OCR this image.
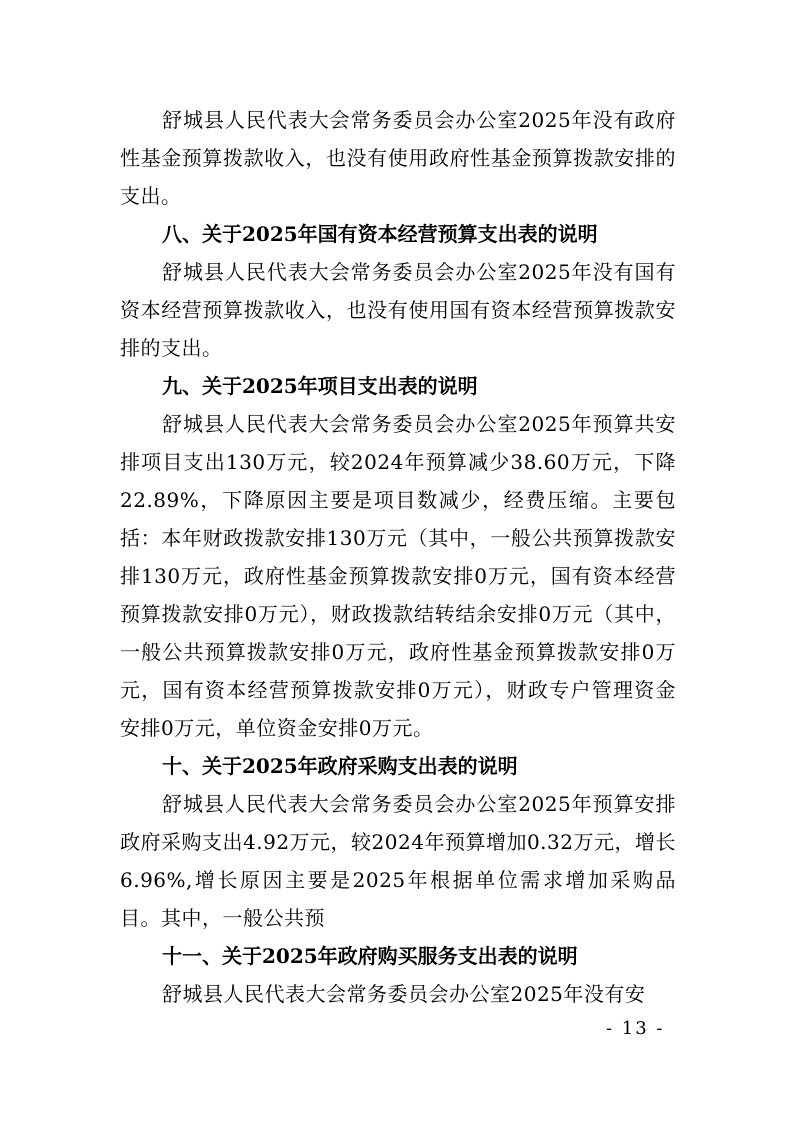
舒城县人民代表大会常务委员会办公室2025年没有政府性基金预算拨款收入，也没有使用政府性基金预算拨款安排的支出。

八、关于2025年国有资本经营预算支出表的说明

舒城县人民代表大会常务委员会办公室2025年没有国有资本经营预算拨款收入，也没有使用国有资本经营预算拨款安排的支出。

九、关于2025年项目支出表的说明

舒城县人民代表大会常务委员会办公室2025年预算共安排项目支出130万元，较2024年预算减少38.60万元，下降22.89%，下降原因主要是项目数减少，经费压缩。主要包括：本年财政拨款安排130万元（其中，一般公共预算拨款安排130万元，政府性基金预算拨款安排0万元，国有资本经营预算拨款安排0万元），财政拨款结转结余安排0万元（其中，一般公共预算拨款安排0万元，政府性基金预算拨款安排0万元，国有资本经营预算拨款安排0万元），财政专户管理资金安排0万元，单位资金安排0万元。

十、关于2025年政府采购支出表的说明

舒城县人民代表大会常务委员会办公室2025年预算安排政府采购支出4.92万元，较2024年预算增加0.32万元，增长6.96%,增长原因主要是2025年根据单位需求增加采购品目。其中，一般公共预

十一、关于2025年政府购买服务支出表的说明

舒城县人民代表大会常务委员会办公室2025年没有安

- 13 -
